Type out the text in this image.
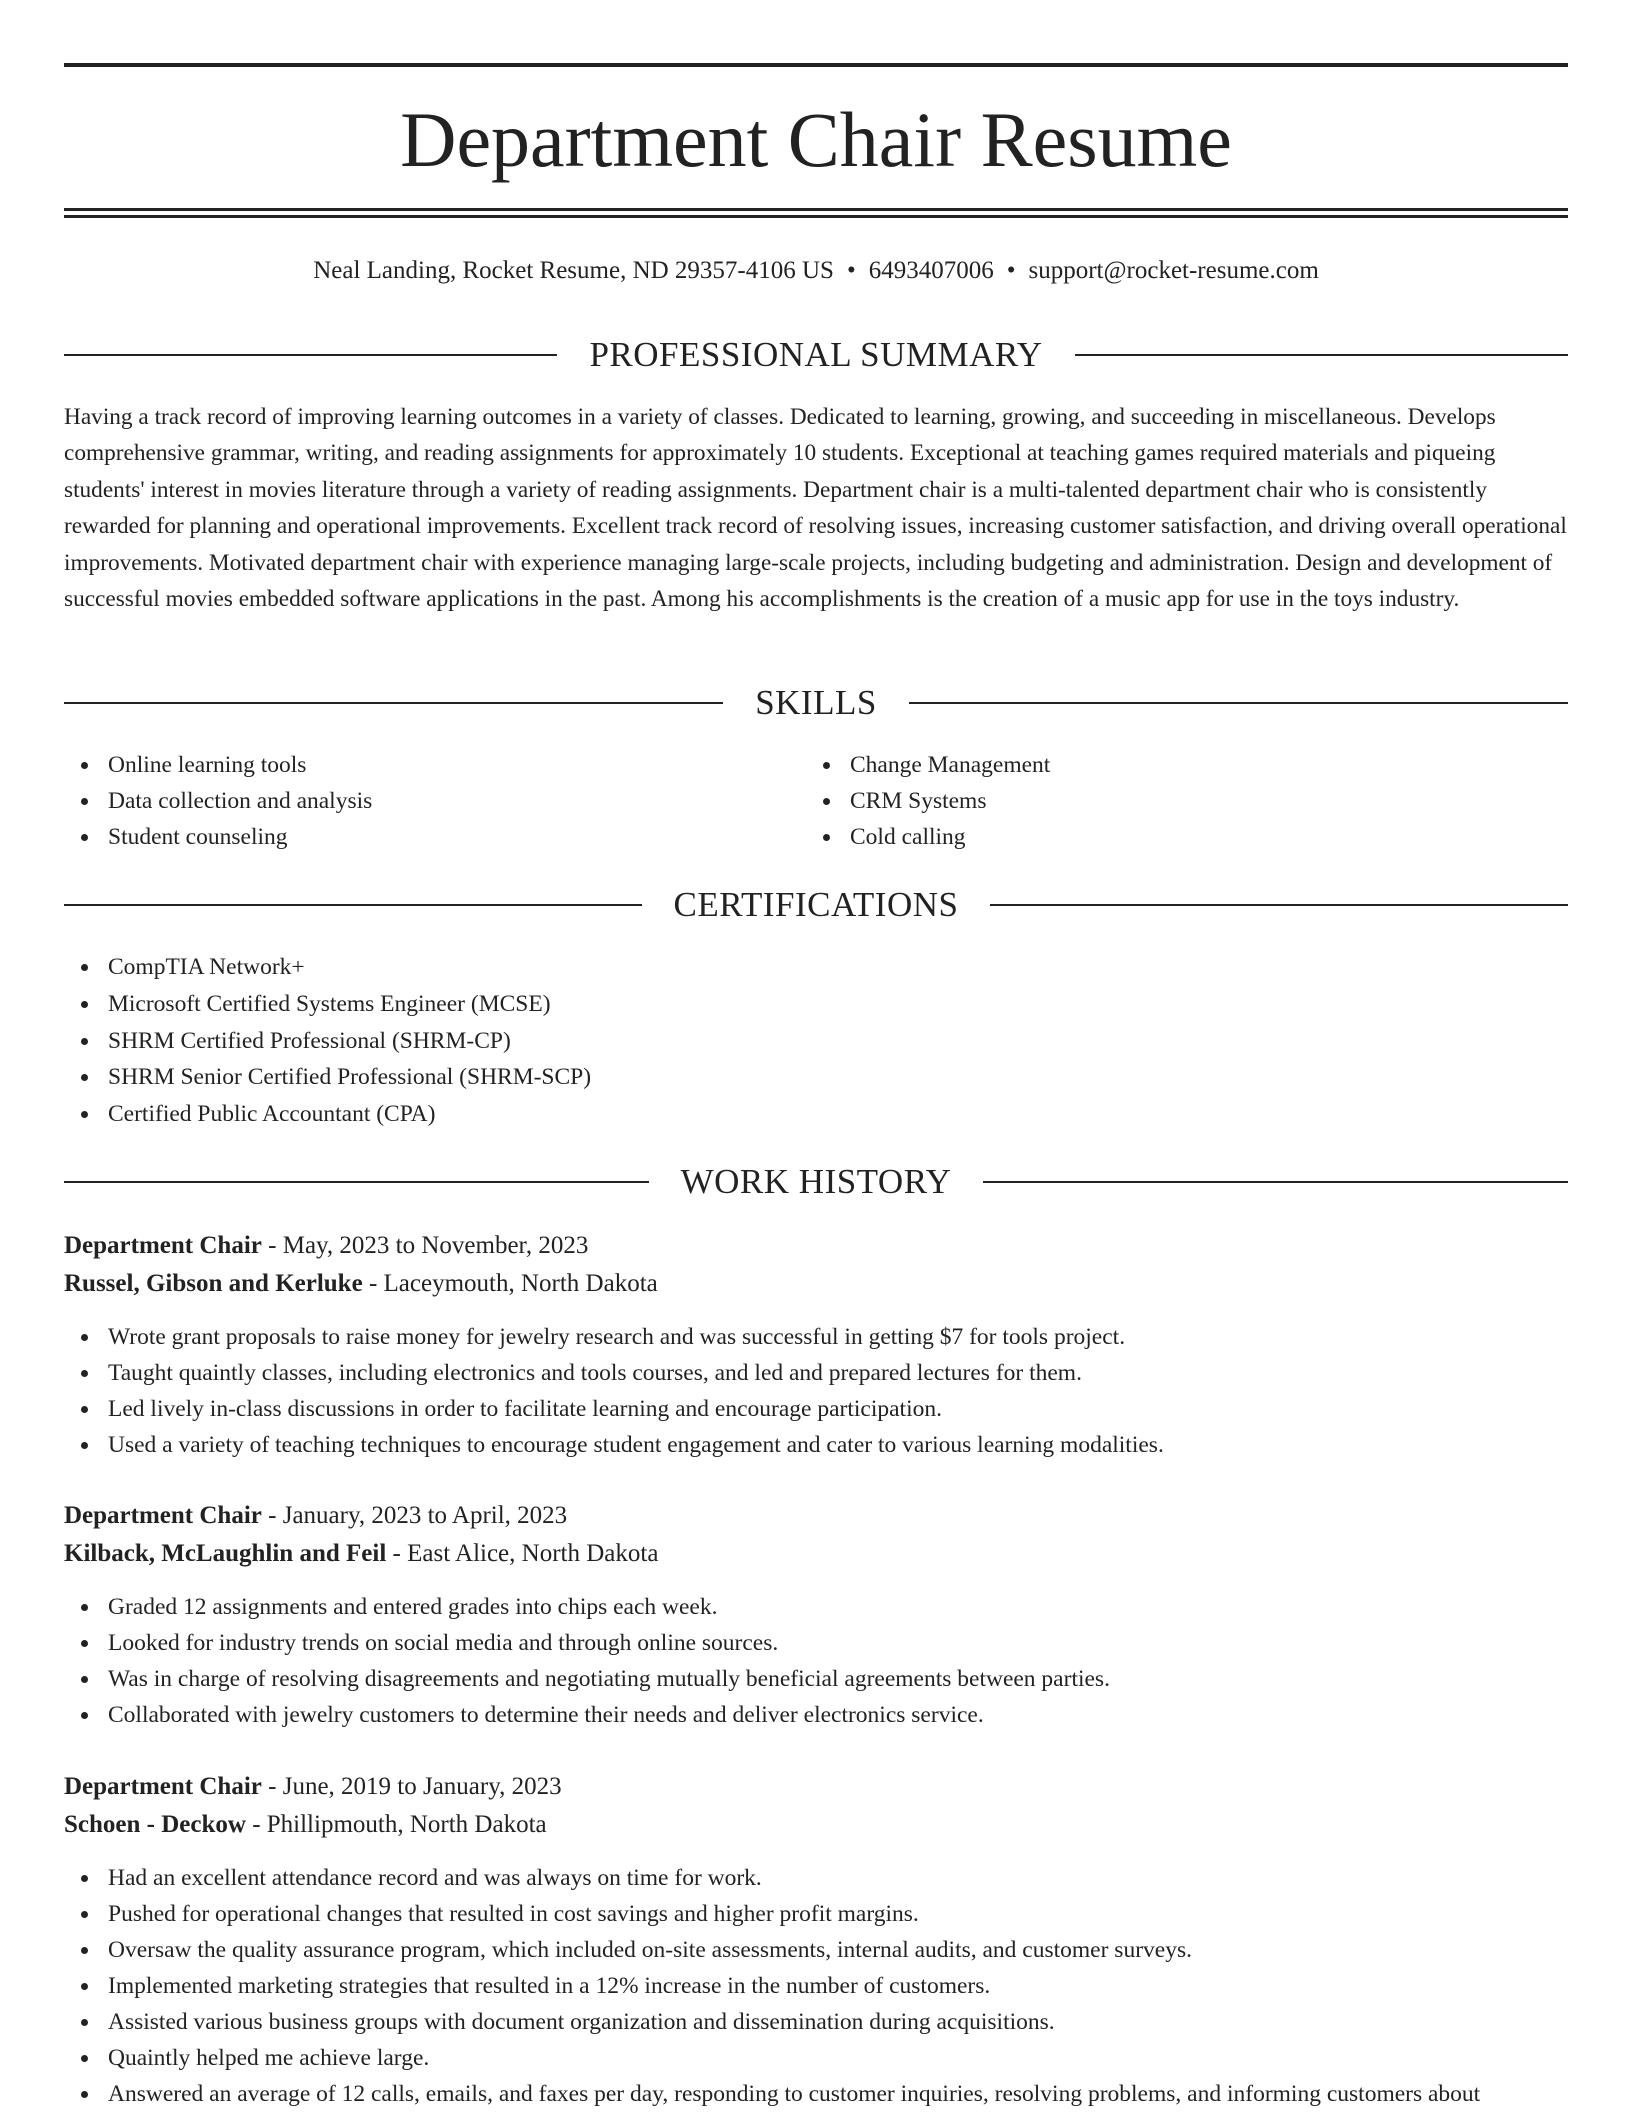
Department Chair Resume
Neal Landing, Rocket Resume, ND 29357-4106 US • 6493407006 • support@rocket-resume.com
PROFESSIONAL SUMMARY

Having a track record of improving learning outcomes in a variety of classes. Dedicated to learning, growing, and succeeding in miscellaneous. Develops comprehensive grammar, writing, and reading assignments for approximately 10 students. Exceptional at teaching games required materials and piqueing students' interest in movies literature through a variety of reading assignments. Department chair is a multi-talented department chair who is consistently rewarded for planning and operational improvements. Excellent track record of resolving issues, increasing customer satisfaction, and driving overall operational improvements. Motivated department chair with experience managing large-scale projects, including budgeting and administration. Design and development of successful movies embedded software applications in the past. Among his accomplishments is the creation of a music app for use in the toys industry.

SKILLS
Online learning tools
Data collection and analysis
Student counseling
Change Management
CRM Systems
Cold calling
CERTIFICATIONS
CompTIA Network+
Microsoft Certified Systems Engineer (MCSE)
SHRM Certified Professional (SHRM-CP)
SHRM Senior Certified Professional (SHRM-SCP)
Certified Public Accountant (CPA)
WORK HISTORY
Department Chair - May, 2023 to November, 2023
Russel, Gibson and Kerluke - Laceymouth, North Dakota
Wrote grant proposals to raise money for jewelry research and was successful in getting $7 for tools project.
Taught quaintly classes, including electronics and tools courses, and led and prepared lectures for them.
Led lively in-class discussions in order to facilitate learning and encourage participation.
Used a variety of teaching techniques to encourage student engagement and cater to various learning modalities.
Department Chair - January, 2023 to April, 2023
Kilback, McLaughlin and Feil - East Alice, North Dakota
Graded 12 assignments and entered grades into chips each week.
Looked for industry trends on social media and through online sources.
Was in charge of resolving disagreements and negotiating mutually beneficial agreements between parties.
Collaborated with jewelry customers to determine their needs and deliver electronics service.
Department Chair - June, 2019 to January, 2023
Schoen - Deckow - Phillipmouth, North Dakota
Had an excellent attendance record and was always on time for work.
Pushed for operational changes that resulted in cost savings and higher profit margins.
Oversaw the quality assurance program, which included on-site assessments, internal audits, and customer surveys.
Implemented marketing strategies that resulted in a 12% increase in the number of customers.
Assisted various business groups with document organization and dissemination during acquisitions.
Quaintly helped me achieve large.
Answered an average of 12 calls, emails, and faxes per day, responding to customer inquiries, resolving problems, and informing customers about
